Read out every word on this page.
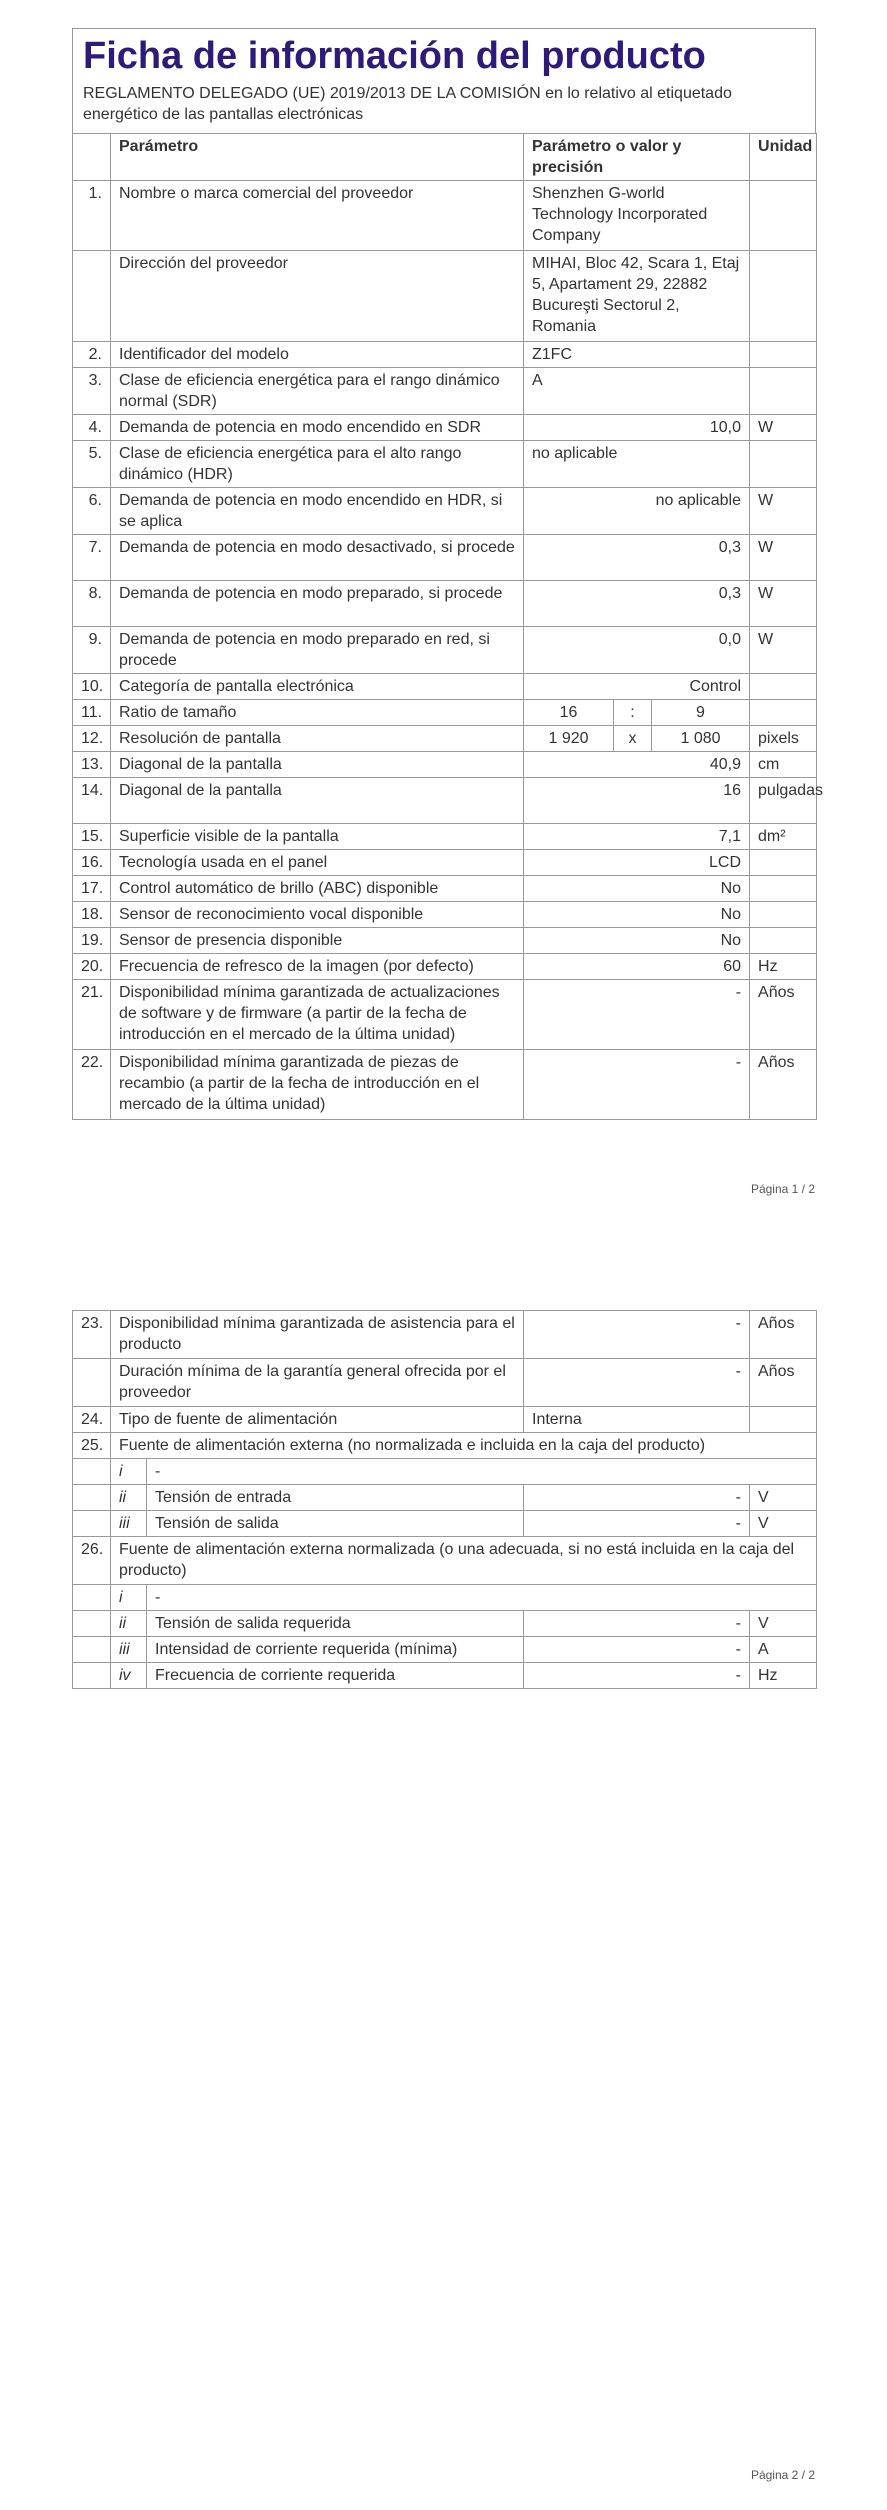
Ficha de información del producto
REGLAMENTO DELEGADO (UE) 2019/2013 DE LA COMISIÓN en lo relativo al etiquetado energético de las pantallas electrónicas
	Parámetro	Parámetro o valor y precisión			Unidad
1.	Nombre o marca comercial del proveedor	Shenzhen G-world Technology Incorporated Company			
	Dirección del proveedor	MIHAI, Bloc 42, Scara 1, Etaj 5, Apartament 29, 22882 Bucureşti Sectorul 2, Romania			
2.	Identificador del modelo	Z1FC			
3.	Clase de eficiencia energética para el rango dinámico normal (SDR)	A			
4.	Demanda de potencia en modo encendido en SDR	10,0			W
5.	Clase de eficiencia energética para el alto rango dinámico (HDR)	no aplicable			
6.	Demanda de potencia en modo encendido en HDR, si se aplica	no aplicable			W
7.	Demanda de potencia en modo desactivado, si procede	0,3			W
8.	Demanda de potencia en modo preparado, si procede	0,3			W
9.	Demanda de potencia en modo preparado en red, si procede	0,0			W
10.	Categoría de pantalla electrónica	Control			
11.	Ratio de tamaño	16	:	9	
12.	Resolución de pantalla	1 920	x	1 080	pixels
13.	Diagonal de la pantalla	40,9			cm
14.	Diagonal de la pantalla	16			pulgadas
15.	Superficie visible de la pantalla	7,1			dm²
16.	Tecnología usada en el panel	LCD			
17.	Control automático de brillo (ABC) disponible	No			
18.	Sensor de reconocimiento vocal disponible	No			
19.	Sensor de presencia disponible	No			
20.	Frecuencia de refresco de la imagen (por defecto)	60			Hz
21.	Disponibilidad mínima garantizada de actualizaciones de software y de firmware (a partir de la fecha de introducción en el mercado de la última unidad)	-			Años
22.	Disponibilidad mínima garantizada de piezas de recambio (a partir de la fecha de introducción en el mercado de la última unidad)	-			Años
Página 1 / 2
23.	Disponibilidad mínima garantizada de asistencia para el producto		-	Años
	Duración mínima de la garantía general ofrecida por el proveedor		-	Años
24.	Tipo de fuente de alimentación		Interna	
25.	Fuente de alimentación externa (no normalizada e incluida en la caja del producto)			
	i	-		
	ii	Tensión de entrada	-	V
	iii	Tensión de salida	-	V
26.	Fuente de alimentación externa normalizada (o una adecuada, si no está incluida en la caja del producto)			
	i	-		
	ii	Tensión de salida requerida	-	V
	iii	Intensidad de corriente requerida (mínima)	-	A
	iv	Frecuencia de corriente requerida	-	Hz
Página 2 / 2
